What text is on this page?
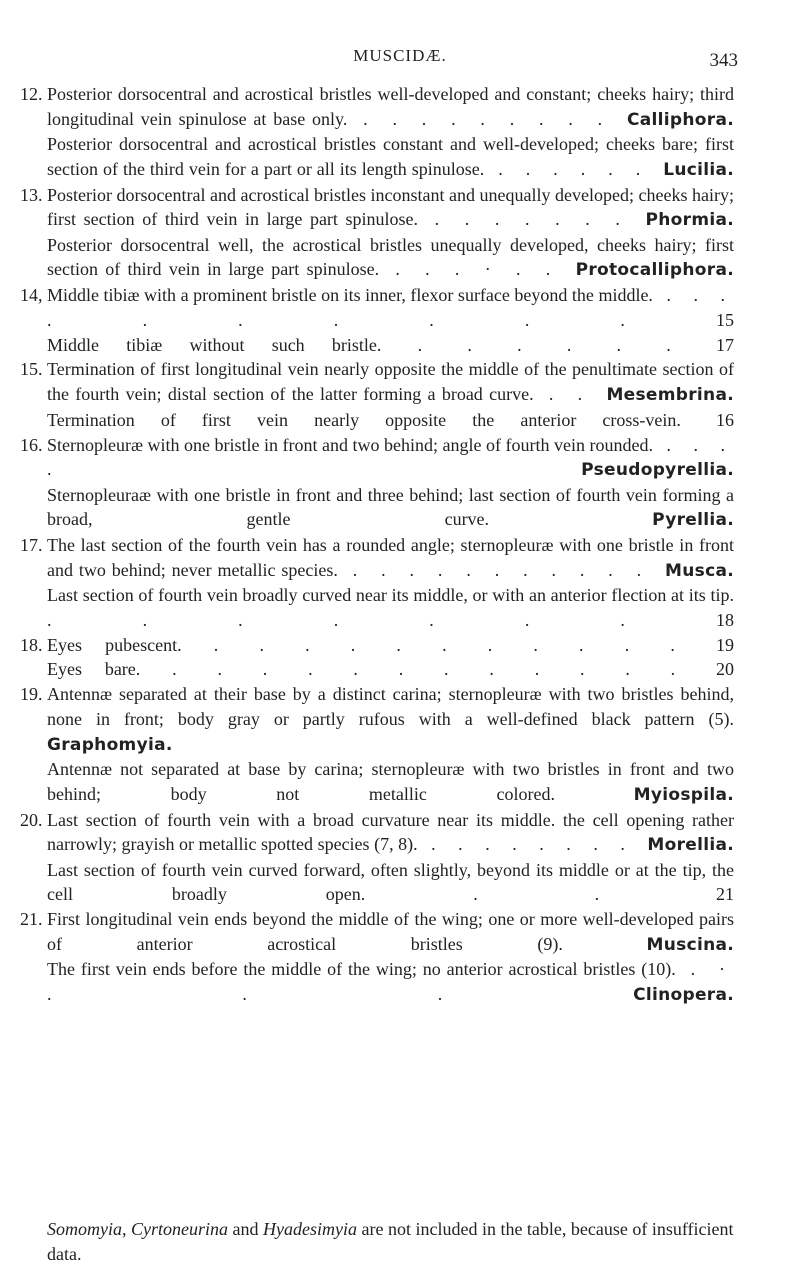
MUSCIDÆ.	343
12. Posterior dorsocentral and acrostical bristles well-developed and constant; cheeks hairy; third longitudinal vein spinulose at base only. . . . . . . . . . Calliphora.
Posterior dorsocentral and acrostical bristles constant and well-developed; cheeks bare; first section of the third vein for a part or all its length spinulose. . . . . . . Lucilia.
13. Posterior dorsocentral and acrostical bristles inconstant and unequally developed; cheeks hairy; first section of third vein in large part spinulose. . . . . . . . Phormia.
Posterior dorsocentral well, the acrostical bristles unequally developed, cheeks hairy; first section of third vein in large part spinulose. . . . · . . Protocalliphora.
14, Middle tibiæ with a prominent bristle on its inner, flexor surface beyond the middle. . . . . . . . . . . 15
Middle tibiæ without such bristle. . . . . . . 17
15. Termination of first longitudinal vein nearly opposite the middle of the penultimate section of the fourth vein; distal section of the latter forming a broad curve. . . Mesembrina.
Termination of first vein nearly opposite the anterior cross-vein. 16
16. Sternopleuræ with one bristle in front and two behind; angle of fourth vein rounded. . . . . Pseudopyrellia.
Sternopleuraæ with one bristle in front and three behind; last section of fourth vein forming a broad, gentle curve.	Pyrellia.
17. The last section of the fourth vein has a rounded angle; sternopleuræ with one bristle in front and two behind; never metallic species. . . . . . . . . . . . Musca.
Last section of fourth vein broadly curved near its middle, or with an anterior flection at its tip. . . . . . . . 18
18. Eyes pubescent. . . . . . . . . . . . 19
Eyes bare. . . . . . . . . . . . . 20
19. Antennæ separated at their base by a distinct carina; sternopleuræ with two bristles behind, none in front; body gray or partly rufous with a well-defined black pattern (5). Graphomyia.
Antennæ not separated at base by carina; sternopleuræ with two bristles in front and two behind; body not metallic colored.	Myiospila.
20. Last section of fourth vein with a broad curvature near its middle. the cell opening rather narrowly; grayish or metallic spotted species (7, 8). . . . . . . . . Morellia.
Last section of fourth vein curved forward, often slightly, beyond its middle or at the tip, the cell broadly open. . . 21
21. First longitudinal vein ends beyond the middle of the wing; one or more well-developed pairs of anterior acrostical bristles (9).	Muscina.
The first vein ends before the middle of the wing; no anterior acrostical bristles (10). . · . . . Clinopera.
Somomyia, Cyrtoneurina and Hyadesimyia are not included in the table, because of insufficient data.
